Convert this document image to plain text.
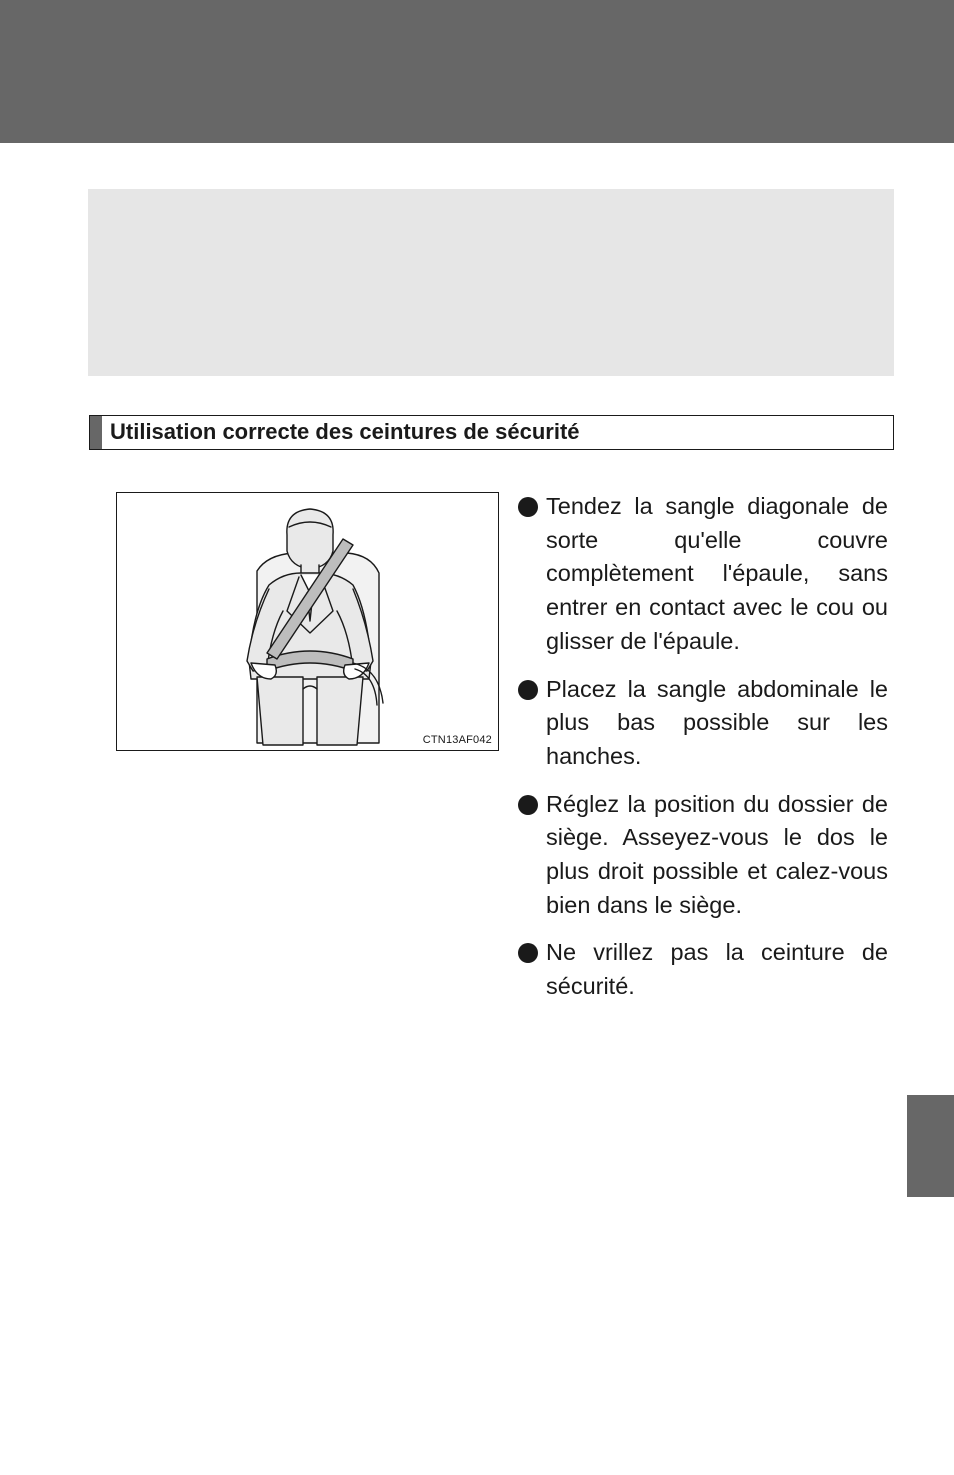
Utilisation correcte des ceintures de sécurité
CTN13AF042
Tendez la sangle diagonale de sorte qu'elle couvre complètement l'épaule, sans entrer en contact avec le cou ou glisser de l'épaule.
Placez la sangle abdominale le plus bas possible sur les hanches.
Réglez la position du dossier de siège. Asseyez-vous le dos le plus droit possible et calez-vous bien dans le siège.
Ne vrillez pas la ceinture de sécurité.
